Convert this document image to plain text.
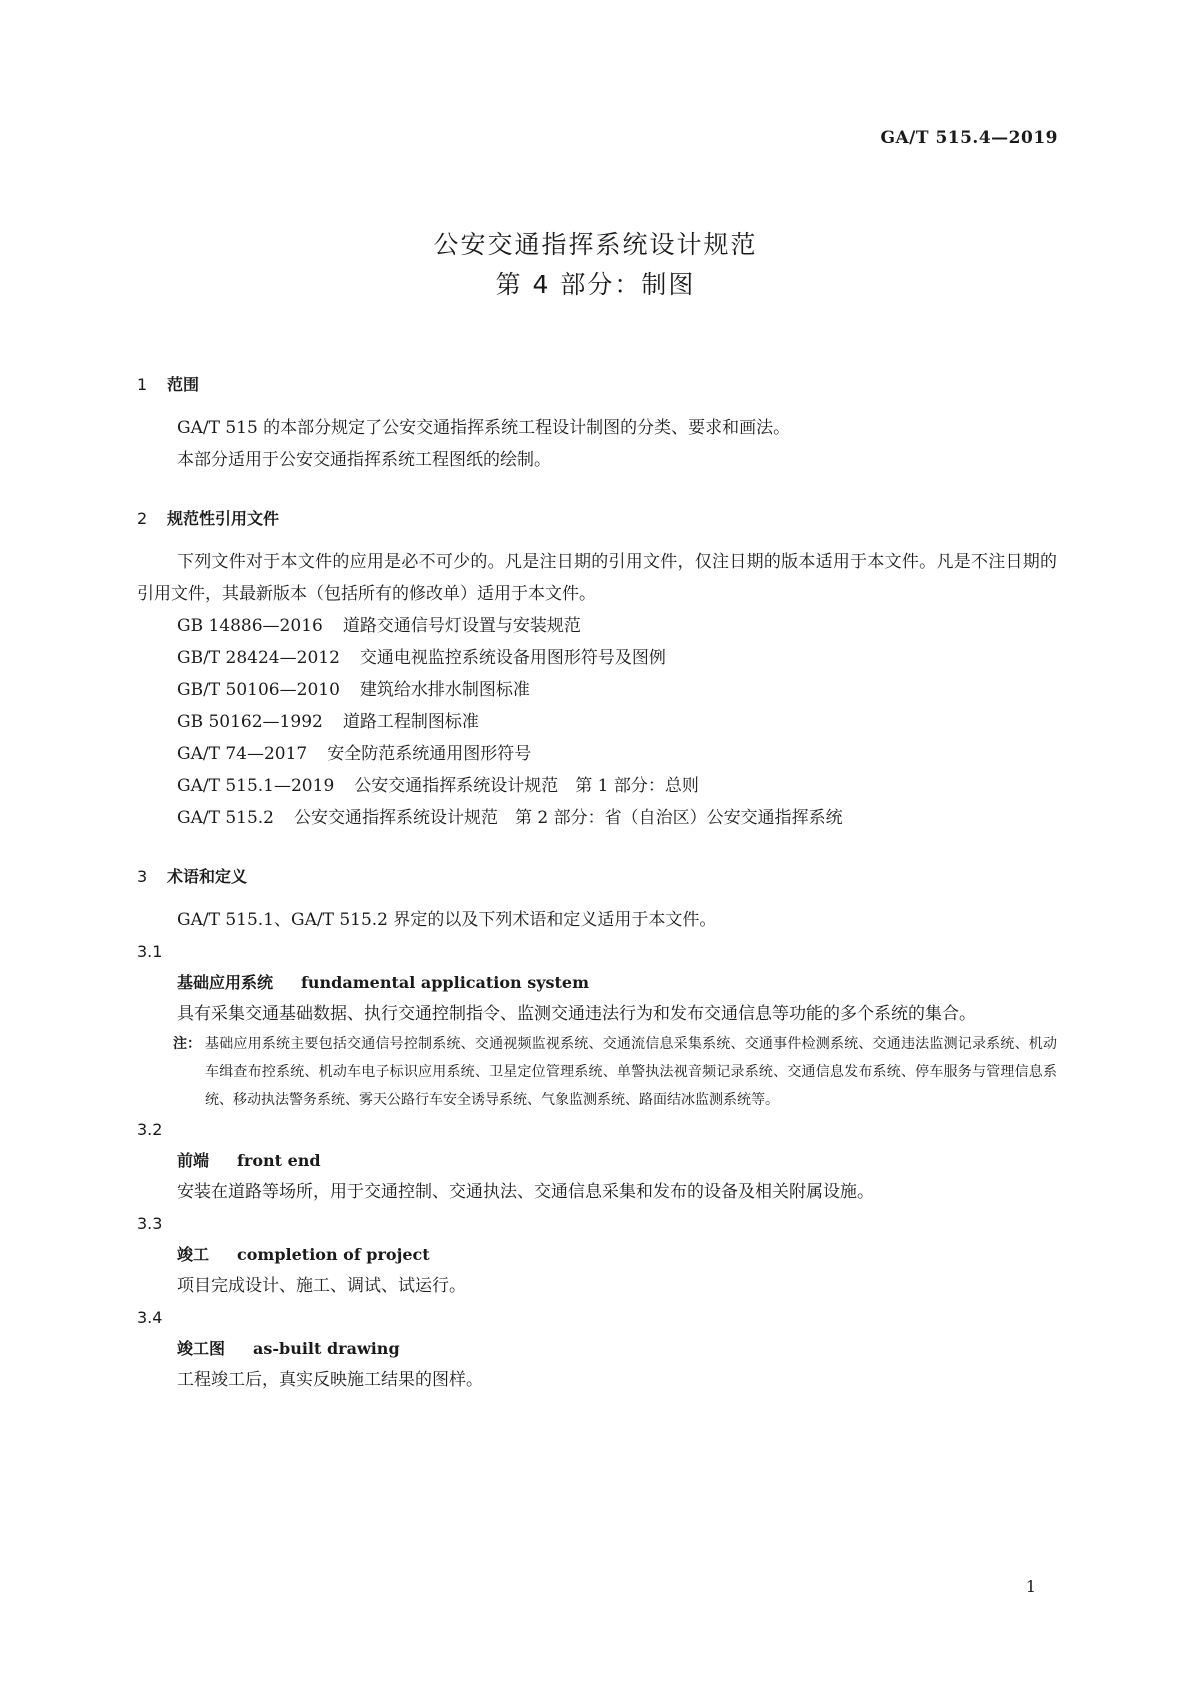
GA/T 515.4—2019
公安交通指挥系统设计规范
第 4 部分：制图
1 范围
GA/T 515 的本部分规定了公安交通指挥系统工程设计制图的分类、要求和画法。
本部分适用于公安交通指挥系统工程图纸的绘制。
2 规范性引用文件
下列文件对于本文件的应用是必不可少的。凡是注日期的引用文件，仅注日期的版本适用于本文件。凡是不注日期的引用文件，其最新版本（包括所有的修改单）适用于本文件。
GB 14886—2016 道路交通信号灯设置与安装规范
GB/T 28424—2012 交通电视监控系统设备用图形符号及图例
GB/T 50106—2010 建筑给水排水制图标准
GB 50162—1992 道路工程制图标准
GA/T 74—2017 安全防范系统通用图形符号
GA/T 515.1—2019 公安交通指挥系统设计规范　第 1 部分：总则
GA/T 515.2 公安交通指挥系统设计规范　第 2 部分：省（自治区）公安交通指挥系统
3 术语和定义
GA/T 515.1、GA/T 515.2 界定的以及下列术语和定义适用于本文件。
3.1
基础应用系统 fundamental application system
具有采集交通基础数据、执行交通控制指令、监测交通违法行为和发布交通信息等功能的多个系统的集合。
注： 基础应用系统主要包括交通信号控制系统、交通视频监视系统、交通流信息采集系统、交通事件检测系统、交通违法监测记录系统、机动车缉查布控系统、机动车电子标识应用系统、卫星定位管理系统、单警执法视音频记录系统、交通信息发布系统、停车服务与管理信息系统、移动执法警务系统、雾天公路行车安全诱导系统、气象监测系统、路面结冰监测系统等。
3.2
前端 front end
安装在道路等场所，用于交通控制、交通执法、交通信息采集和发布的设备及相关附属设施。
3.3
竣工 completion of project
项目完成设计、施工、调试、试运行。
3.4
竣工图 as-built drawing
工程竣工后，真实反映施工结果的图样。
1
